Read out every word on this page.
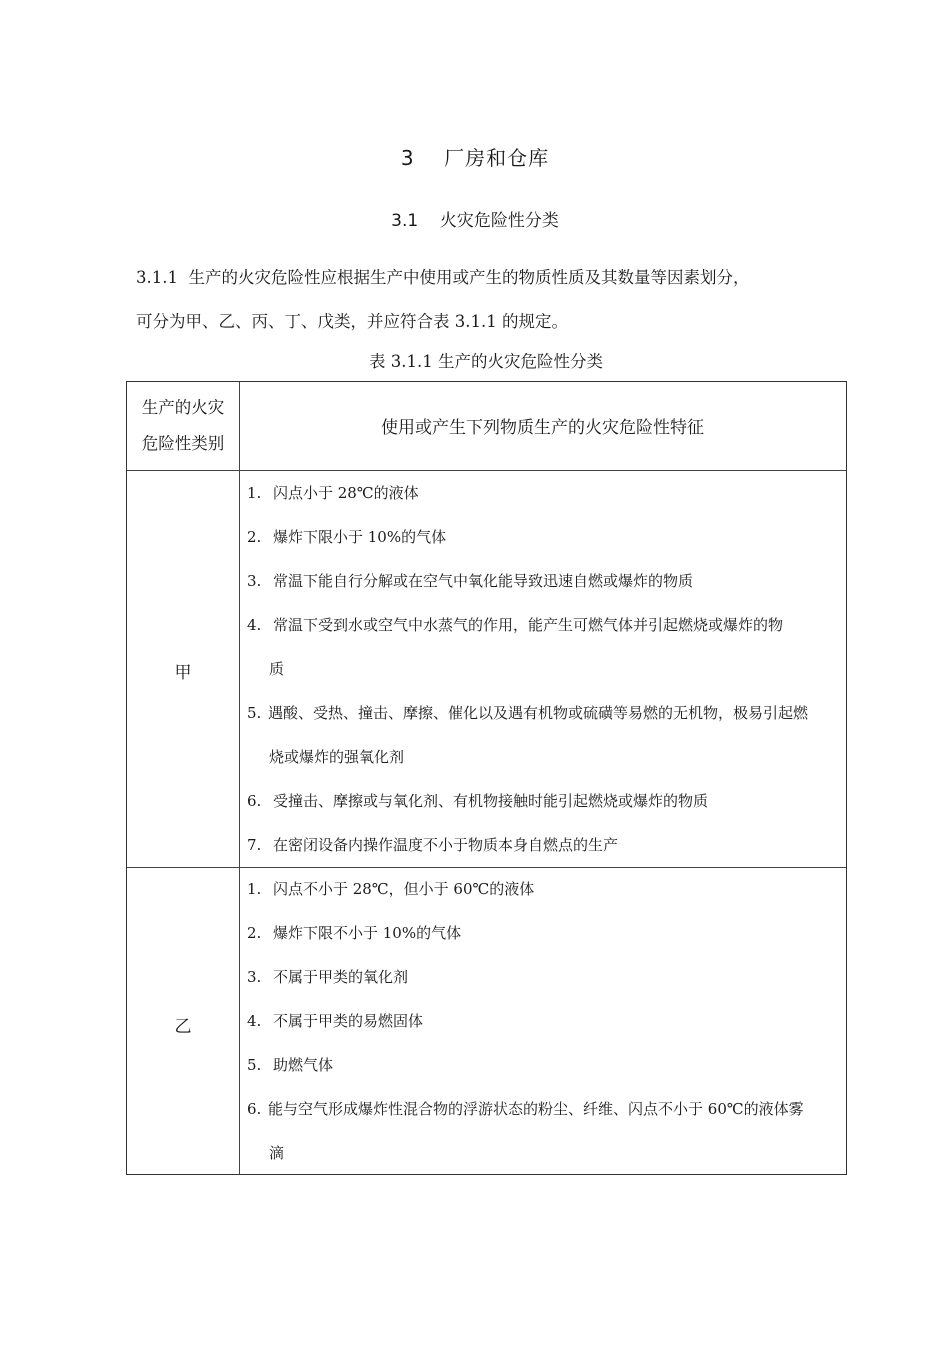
3 厂房和仓库
3.1 火灾危险性分类
3.1.1 生产的火灾危险性应根据生产中使用或产生的物质性质及其数量等因素划分，
可分为甲、乙、丙、丁、戊类，并应符合表 3.1.1 的规定。
表 3.1.1 生产的火灾危险性分类
生产的火灾
危险性类别
使用或产生下列物质生产的火灾危险性特征
甲
1. 闪点小于 28℃的液体
2. 爆炸下限小于 10%的气体
3. 常温下能自行分解或在空气中氧化能导致迅速自燃或爆炸的物质
4. 常温下受到水或空气中水蒸气的作用，能产生可燃气体并引起燃烧或爆炸的物
质
5. 遇酸、受热、撞击、摩擦、催化以及遇有机物或硫磺等易燃的无机物，极易引起燃
烧或爆炸的强氧化剂
6. 受撞击、摩擦或与氧化剂、有机物接触时能引起燃烧或爆炸的物质
7. 在密闭设备内操作温度不小于物质本身自燃点的生产
乙
1. 闪点不小于 28℃，但小于 60℃的液体
2. 爆炸下限不小于 10%的气体
3. 不属于甲类的氧化剂
4. 不属于甲类的易燃固体
5. 助燃气体
6. 能与空气形成爆炸性混合物的浮游状态的粉尘、纤维、闪点不小于 60℃的液体雾
滴
